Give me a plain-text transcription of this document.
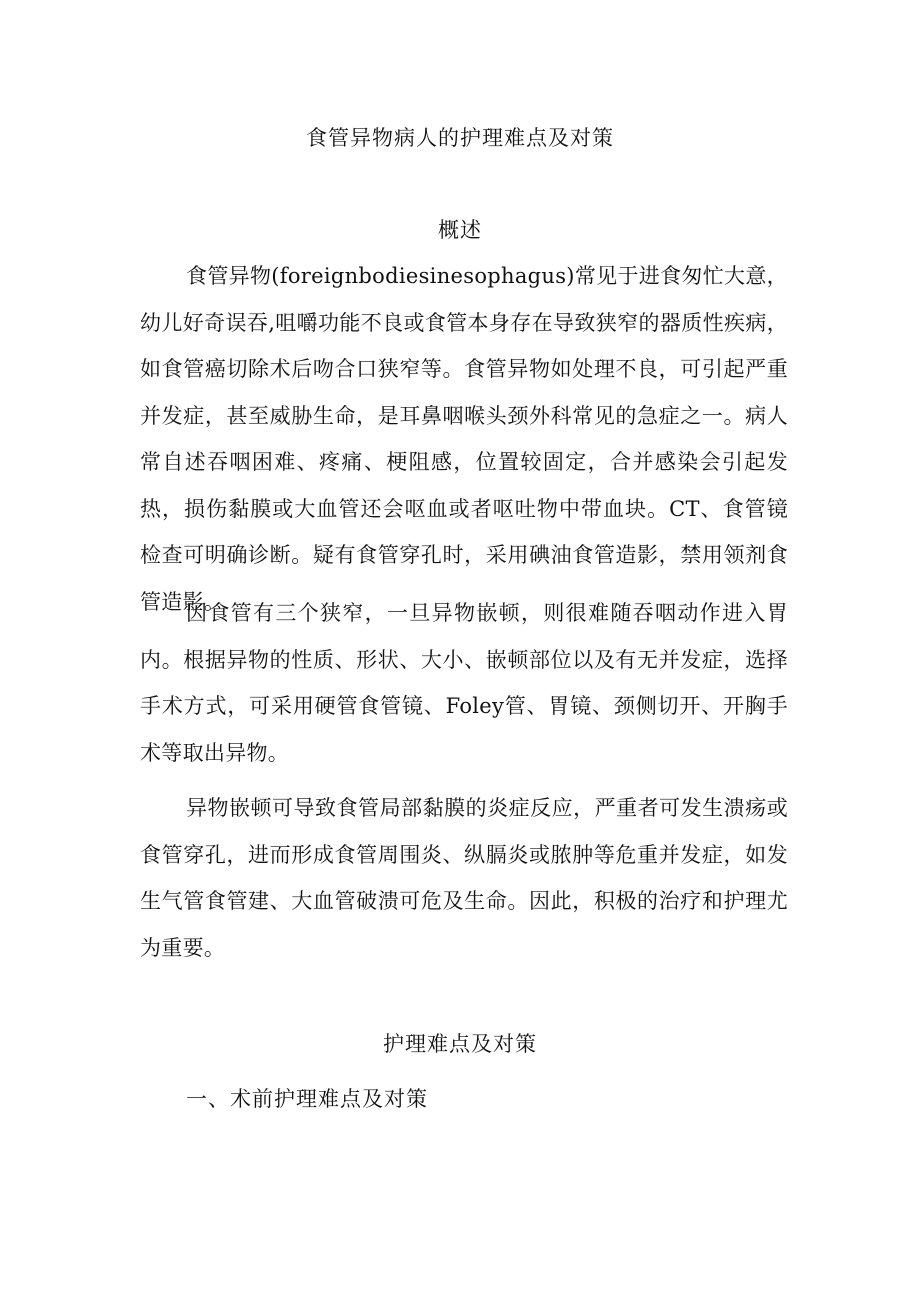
食管异物病人的护理难点及对策
概述

食管异物(foreignbodiesinesophagus)常见于进食匆忙大意，幼儿好奇误吞,咀嚼功能不良或食管本身存在导致狭窄的器质性疾病，如食管癌切除术后吻合口狭窄等。食管异物如处理不良，可引起严重并发症，甚至威胁生命，是耳鼻咽喉头颈外科常见的急症之一。病人常自述吞咽困难、疼痛、梗阻感，位置较固定，合并感染会引起发热，损伤黏膜或大血管还会呕血或者呕吐物中带血块。CT、食管镜检查可明确诊断。疑有食管穿孔时，采用碘油食管造影，禁用领剂食管造影。

因食管有三个狭窄，一旦异物嵌顿，则很难随吞咽动作进入胃内。根据异物的性质、形状、大小、嵌顿部位以及有无并发症，选择手术方式，可采用硬管食管镜、Foley管、胃镜、颈侧切开、开胸手术等取出异物。

异物嵌顿可导致食管局部黏膜的炎症反应，严重者可发生溃疡或食管穿孔，进而形成食管周围炎、纵膈炎或脓肿等危重并发症，如发生气管食管建、大血管破溃可危及生命。因此，积极的治疗和护理尤为重要。

护理难点及对策
一、术前护理难点及对策
